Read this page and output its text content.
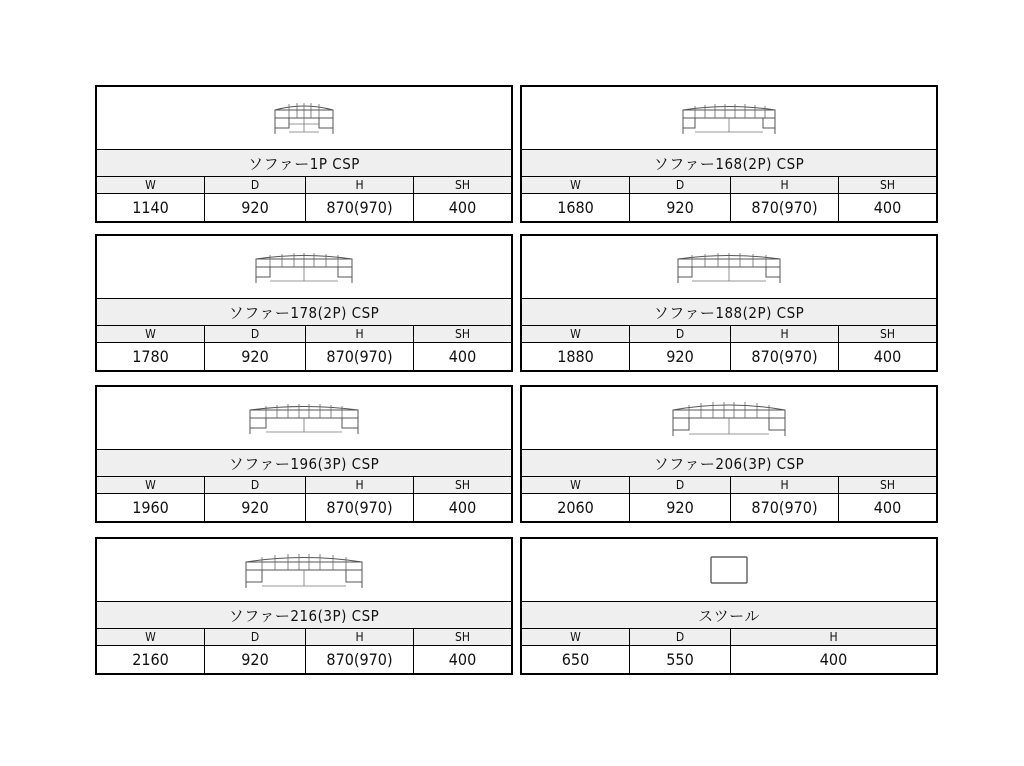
ソファー1P CSP
W	D	H	SH
1140	920	870(970)	400
ソファー168(2P) CSP
W	D	H	SH
1680	920	870(970)	400
ソファー178(2P) CSP
W	D	H	SH
1780	920	870(970)	400
ソファー188(2P) CSP
W	D	H	SH
1880	920	870(970)	400
ソファー196(3P) CSP
W	D	H	SH
1960	920	870(970)	400
ソファー206(3P) CSP
W	D	H	SH
2060	920	870(970)	400
ソファー216(3P) CSP
W	D	H	SH
2160	920	870(970)	400
スツール
W	D	H
650	550	400
